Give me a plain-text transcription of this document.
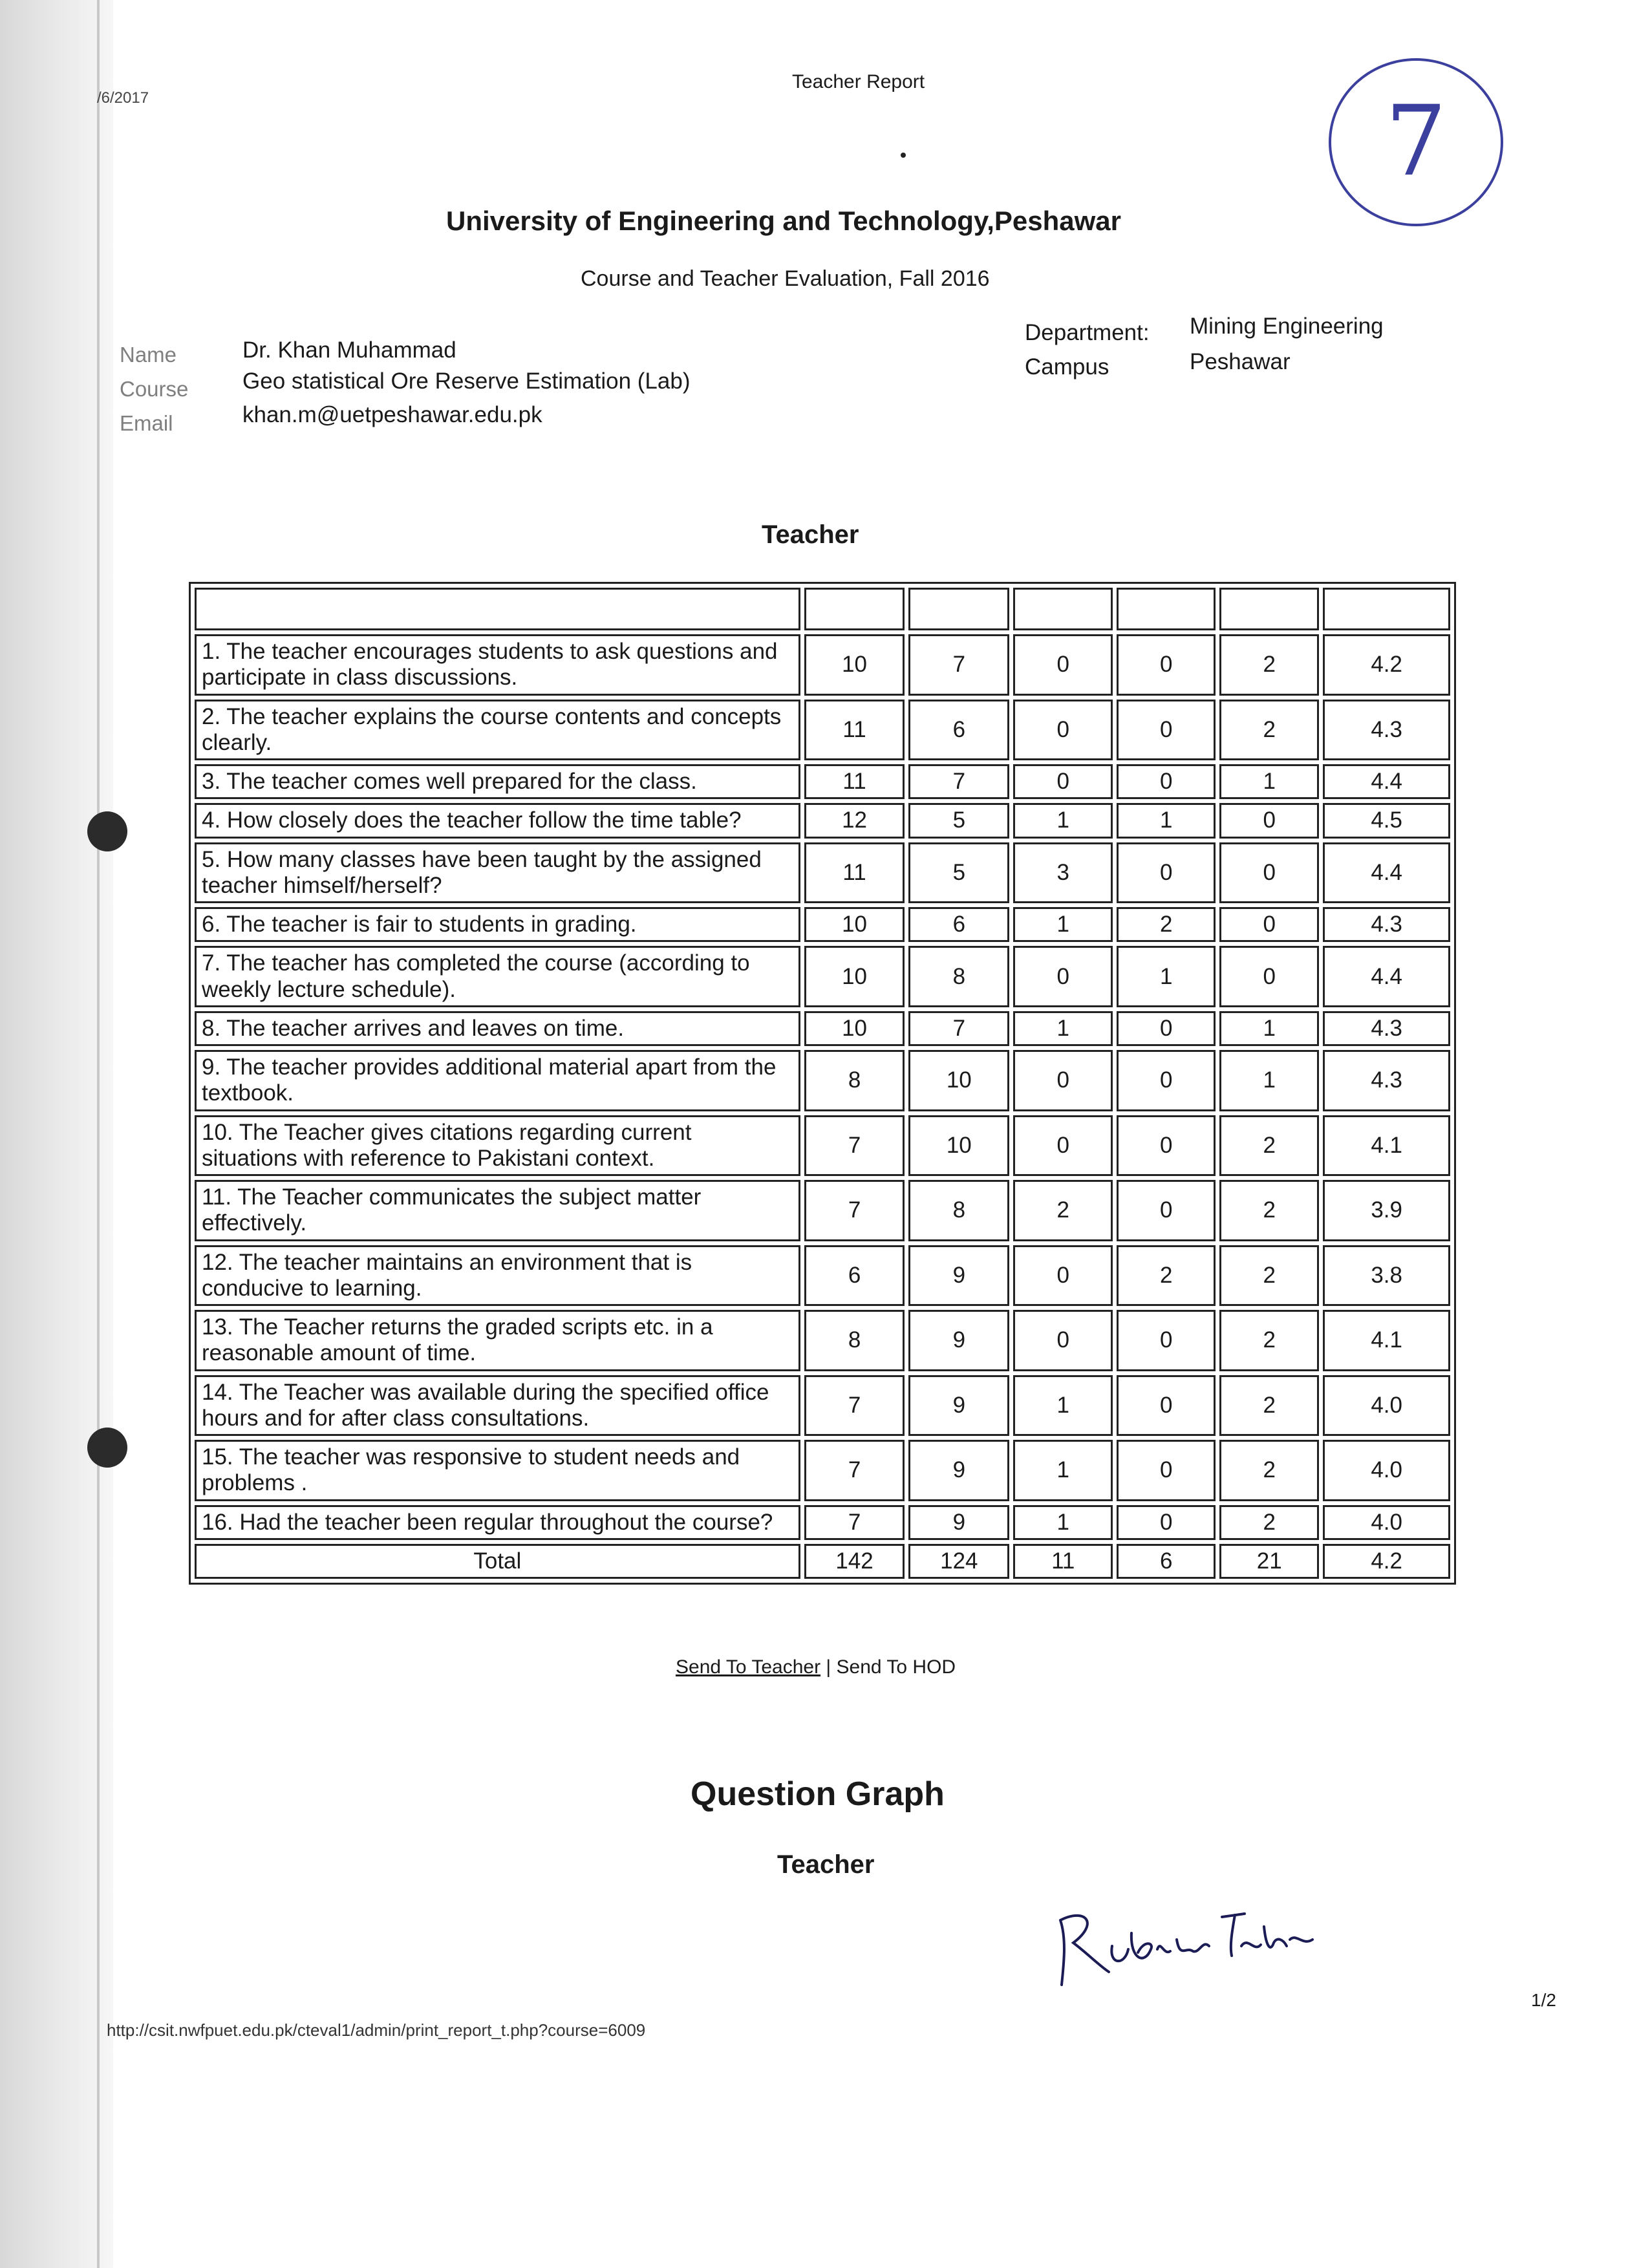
/6/2017
Teacher Report
7
University of Engineering and Technology,Peshawar
Course and Teacher Evaluation, Fall 2016
Name	Dr. Khan Muhammad
Course Geo statistical Ore Reserve Estimation (Lab)
Email	khan.m@uetpeshawar.edu.pk
Department: Mining Engineering
Campus	Peshawar
Teacher

1. The teacher encourages students to ask questions and participate in class discussions.	10	7	0	0	2	4.2
2. The teacher explains the course contents and concepts clearly.	11	6	0	0	2	4.3
3. The teacher comes well prepared for the class.	11	7	0	0	1	4.4
4. How closely does the teacher follow the time table?	12	5	1	1	0	4.5
5. How many classes have been taught by the assigned teacher himself/herself?	11	5	3	0	0	4.4
6. The teacher is fair to students in grading.	10	6	1	2	0	4.3
7. The teacher has completed the course (according to weekly lecture schedule).	10	8	0	1	0	4.4
8. The teacher arrives and leaves on time.	10	7	1	0	1	4.3
9. The teacher provides additional material apart from the textbook.	8	10	0	0	1	4.3
10. The Teacher gives citations regarding current situations with reference to Pakistani context.	7	10	0	0	2	4.1
11. The Teacher communicates the subject matter effectively.	7	8	2	0	2	3.9
12. The teacher maintains an environment that is conducive to learning.	6	9	0	2	2	3.8
13. The Teacher returns the graded scripts etc. in a reasonable amount of time.	8	9	0	0	2	4.1
14. The Teacher was available during the specified office hours and for after class consultations.	7	9	1	0	2	4.0
15. The teacher was responsive to student needs and problems .	7	9	1	0	2	4.0
16. Had the teacher been regular throughout the course?	7	9	1	0	2	4.0
Total	142	124	11	6	21	4.2
Send To Teacher | Send To HOD
Question Graph
Teacher
1/2
http://csit.nwfpuet.edu.pk/cteval1/admin/print_report_t.php?course=6009
